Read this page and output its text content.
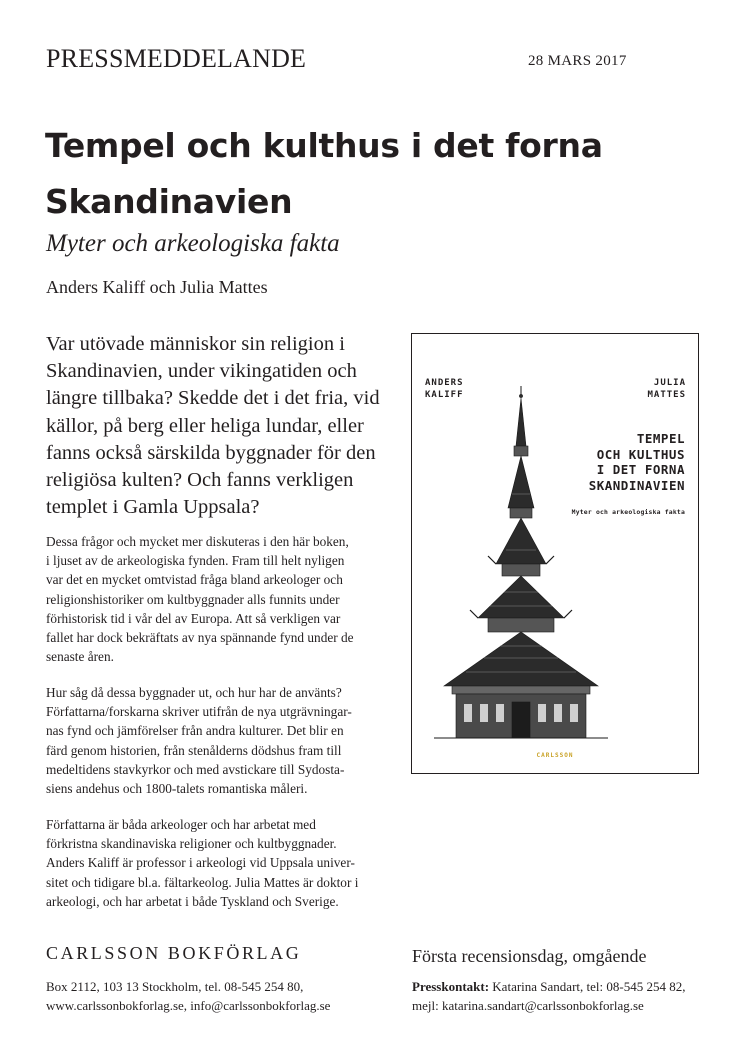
PRESSMEDDELANDE	28 MARS 2017
Tempel och kulthus i det forna
Skandinavien
Myter och arkeologiska fakta
Anders Kaliff och Julia Mattes
Var utövade människor sin religion i
Skandinavien, under vikingatiden och
längre tillbaka? Skedde det i det fria, vid
källor, på berg eller heliga lundar, eller
fanns också särskilda byggnader för den
religiösa kulten? Och fanns verkligen
templet i Gamla Uppsala?
Dessa frågor och mycket mer diskuteras i den här boken,
i ljuset av de arkeologiska fynden. Fram till helt nyligen
var det en mycket omtvistad fråga bland arkeologer och
religionshistoriker om kultbyggnader alls funnits under
förhistorisk tid i vår del av Europa. Att så verkligen var
fallet har dock bekräftats av nya spännande fynd under de
senaste åren.
Hur såg då dessa byggnader ut, och hur har de använts?
Författarna/forskarna skriver utifrån de nya utgrävningar-
nas fynd och jämförelser från andra kulturer. Det blir en
färd genom historien, från stenålderns dödshus fram till
medeltidens stavkyrkor och med avstickare till Sydosta-
siens andehus och 1800-talets romantiska måleri.
Författarna är båda arkeologer och har arbetat med
förkristna skandinaviska religioner och kultbyggnader.
Anders Kaliff är professor i arkeologi vid Uppsala univer-
sitet och tidigare bl.a. fältarkeolog. Julia Mattes är doktor i
arkeologi, och har arbetat i både Tyskland och Sverige.
ANDERS
KALIFF
JULIA
MATTES
TEMPEL
OCH KULTHUS
I DET FORNA
SKANDINAVIEN
Myter och arkeologiska fakta
CARLSSON
CARLSSON BOKFÖRLAG
Box 2112, 103 13 Stockholm, tel. 08-545 254 80,
www.carlssonbokforlag.se, info@carlssonbokforlag.se
Första recensionsdag, omgående
Presskontakt: Katarina Sandart, tel: 08-545 254 82,
mejl: katarina.sandart@carlssonbokforlag.se
